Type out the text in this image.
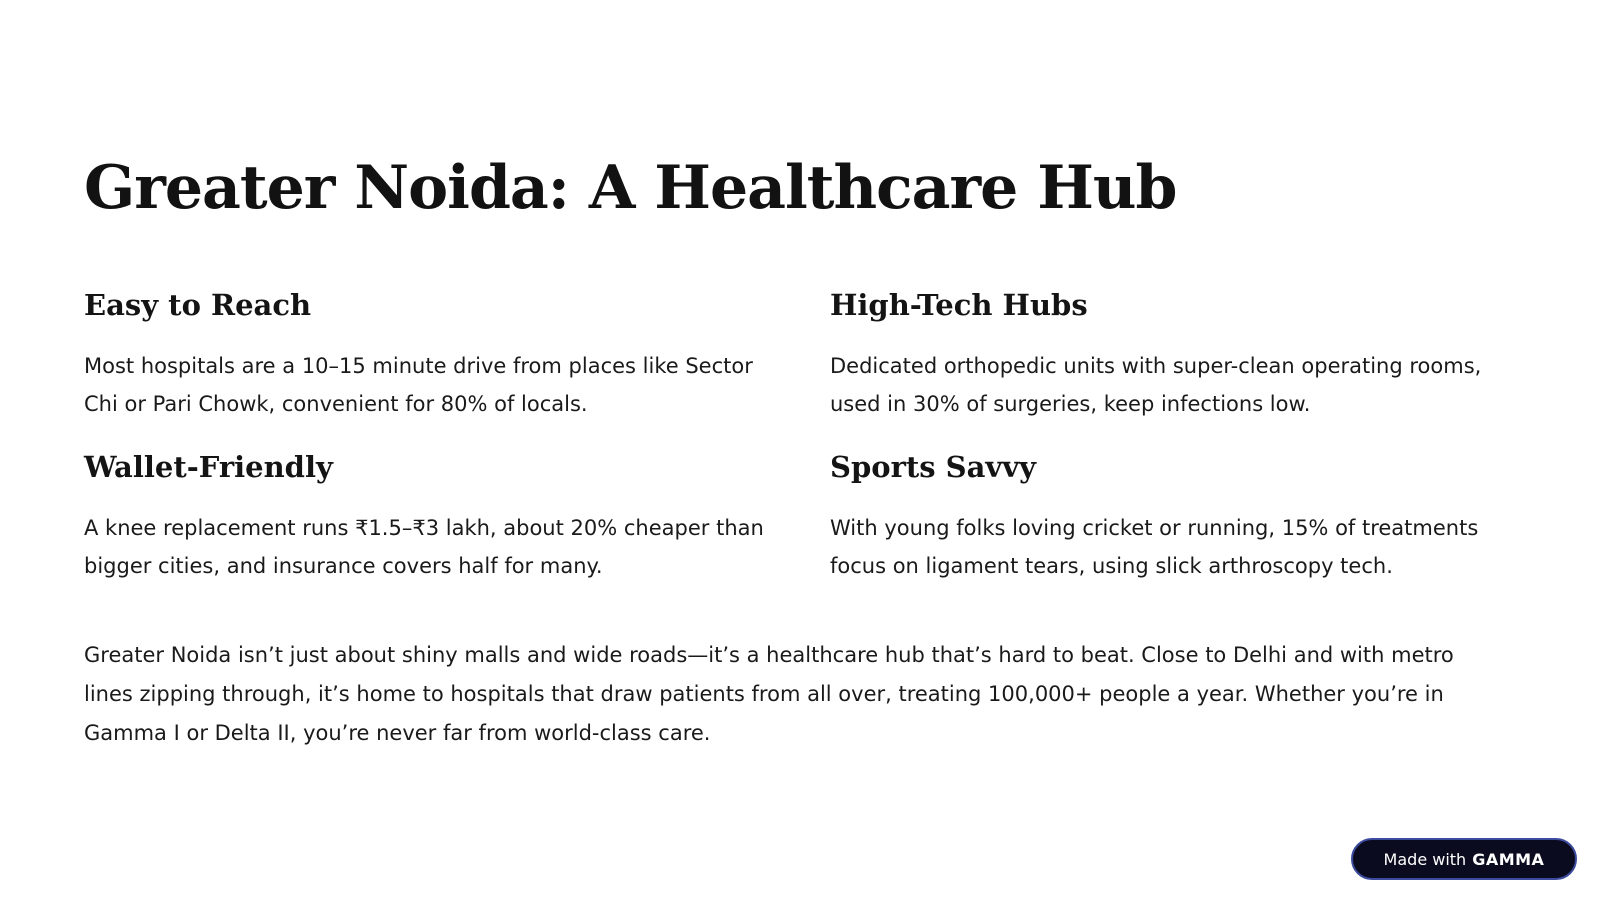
Greater Noida: A Healthcare Hub
Easy to Reach

Most hospitals are a 10–15 minute drive from places like Sector Chi or Pari Chowk, convenient for 80% of locals.

High-Tech Hubs

Dedicated orthopedic units with super-clean operating rooms, used in 30% of surgeries, keep infections low.

Wallet-Friendly

A knee replacement runs ₹1.5–₹3 lakh, about 20% cheaper than bigger cities, and insurance covers half for many.

Sports Savvy

With young folks loving cricket or running, 15% of treatments focus on ligament tears, using slick arthroscopy tech.

Greater Noida isn’t just about shiny malls and wide roads—it’s a healthcare hub that’s hard to beat. Close to Delhi and with metro lines zipping through, it’s home to hospitals that draw patients from all over, treating 100,000+ people a year. Whether you’re in Gamma I or Delta II, you’re never far from world-class care.

Made with GAMMA
